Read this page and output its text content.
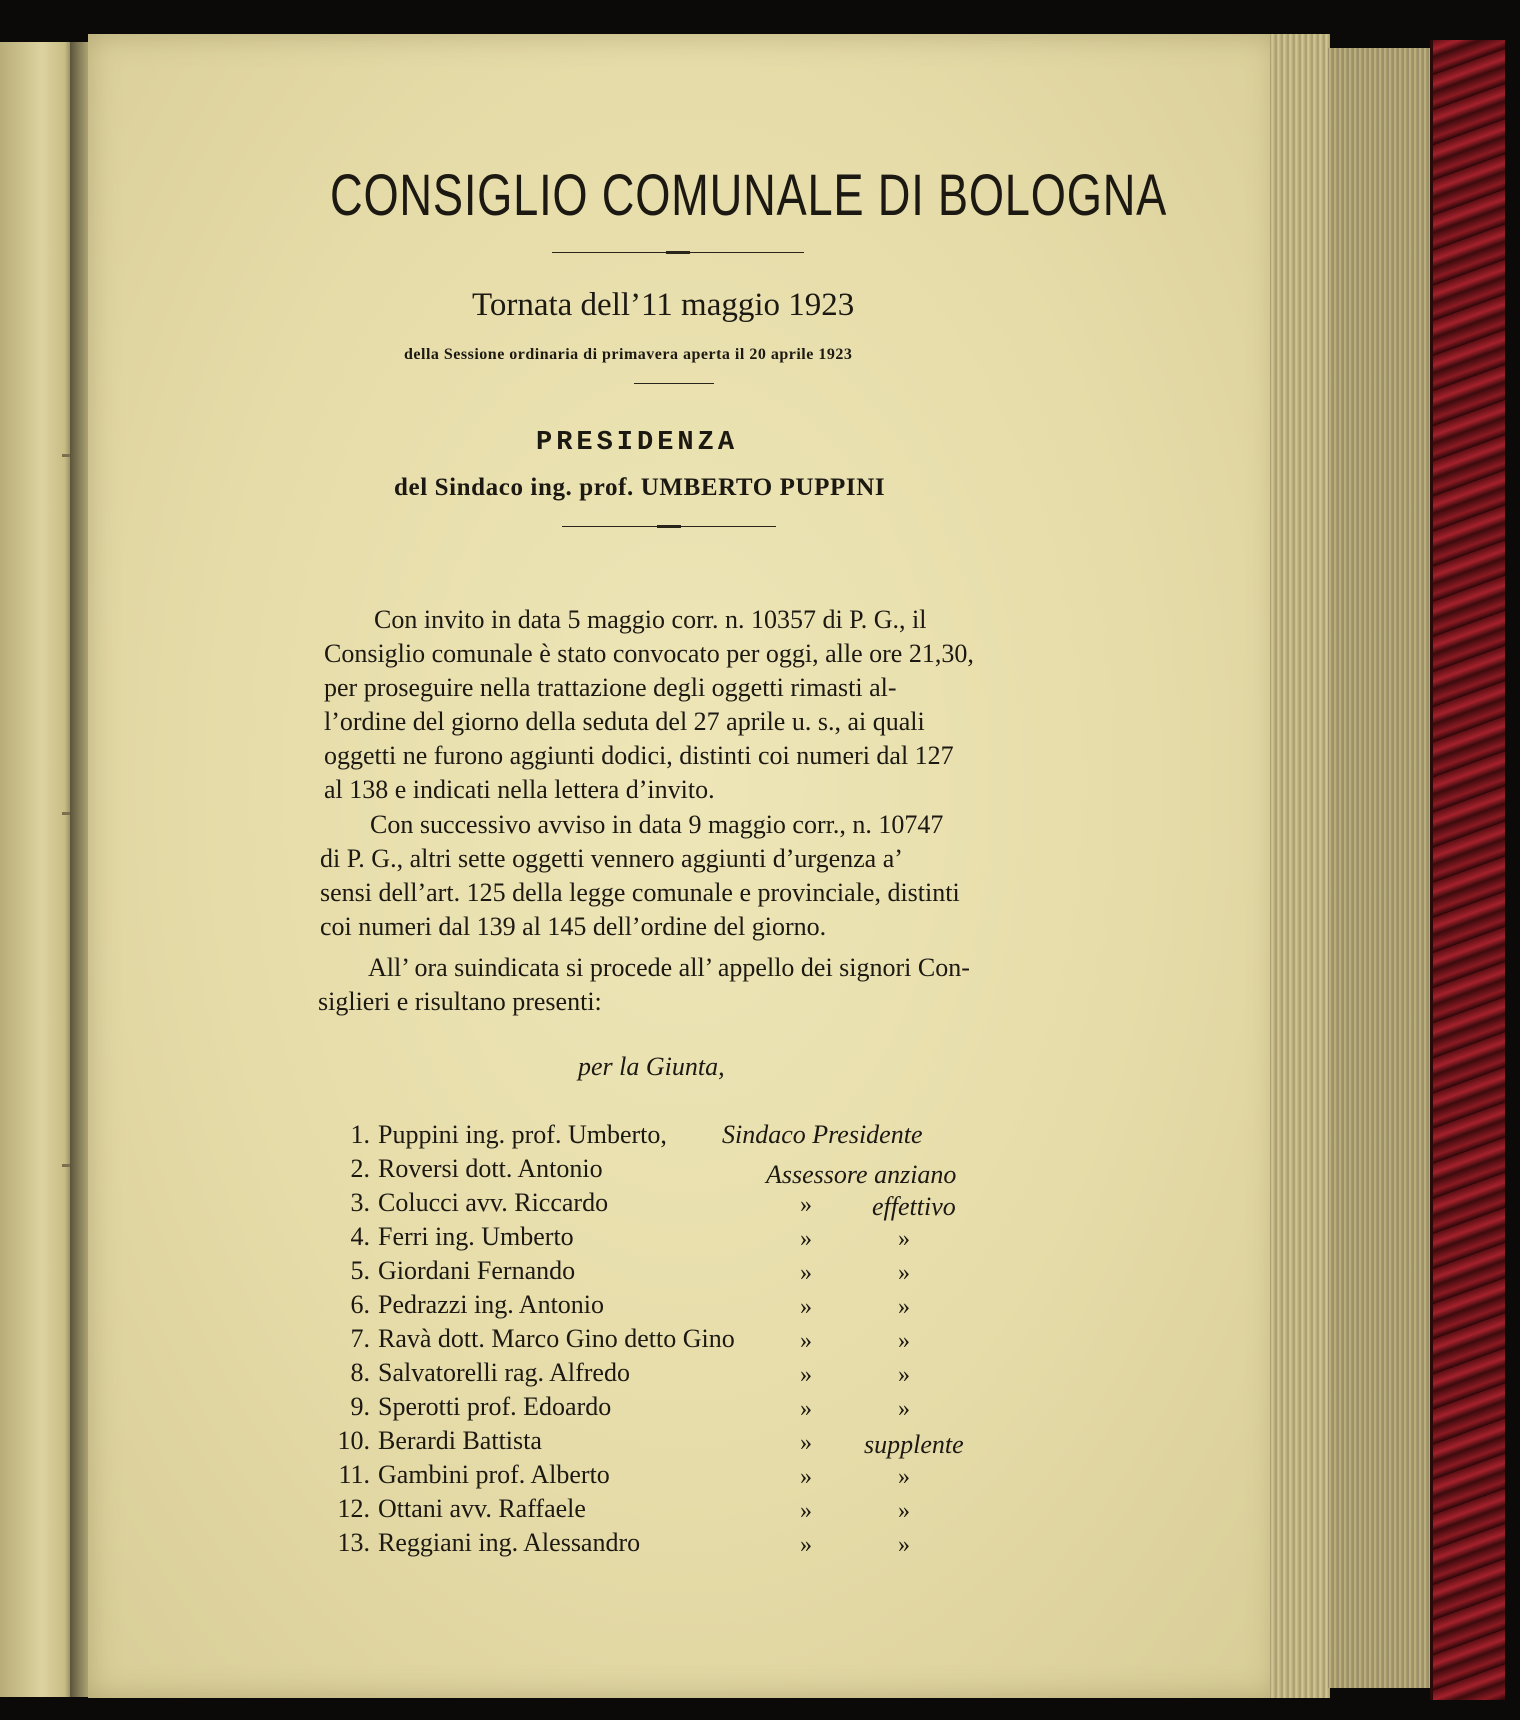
CONSIGLIO COMUNALE DI BOLOGNA
Tornata dell’11 maggio 1923
della Sessione ordinaria di primavera aperta il 20 aprile 1923
PRESIDENZA
del Sindaco ing. prof. UMBERTO PUPPINI
Con invito in data 5 maggio corr. n. 10357 di P. G., il
Consiglio comunale è stato convocato per oggi, alle ore 21,30,
per proseguire nella trattazione degli oggetti rimasti al-
l’ordine del giorno della seduta del 27 aprile u. s., ai quali
oggetti ne furono aggiunti dodici, distinti coi numeri dal 127
al 138 e indicati nella lettera d’invito.
Con successivo avviso in data 9 maggio corr., n. 10747
di P. G., altri sette oggetti vennero aggiunti d’urgenza a’
sensi dell’art. 125 della legge comunale e provinciale, distinti
coi numeri dal 139 al 145 dell’ordine del giorno.
All’ ora suindicata si procede all’ appello dei signori Con-
siglieri e risultano presenti:
per la Giunta,
1. Puppini ing. prof. Umberto, Sindaco Presidente
2. Roversi dott. Antonio	Assessore anziano
3. Colucci avv. Riccardo	» effettivo
4. Ferri ing. Umberto	»	»
5. Giordani Fernando	»	»
6. Pedrazzi ing. Antonio	»	»
7. Ravà dott. Marco Gino detto Gino	»	»
8. Salvatorelli rag. Alfredo	»	»
9. Sperotti prof. Edoardo	»	»
10. Berardi Battista	» supplente
11. Gambini prof. Alberto	»	»
12. Ottani avv. Raffaele	»	»
13. Reggiani ing. Alessandro	»	»
